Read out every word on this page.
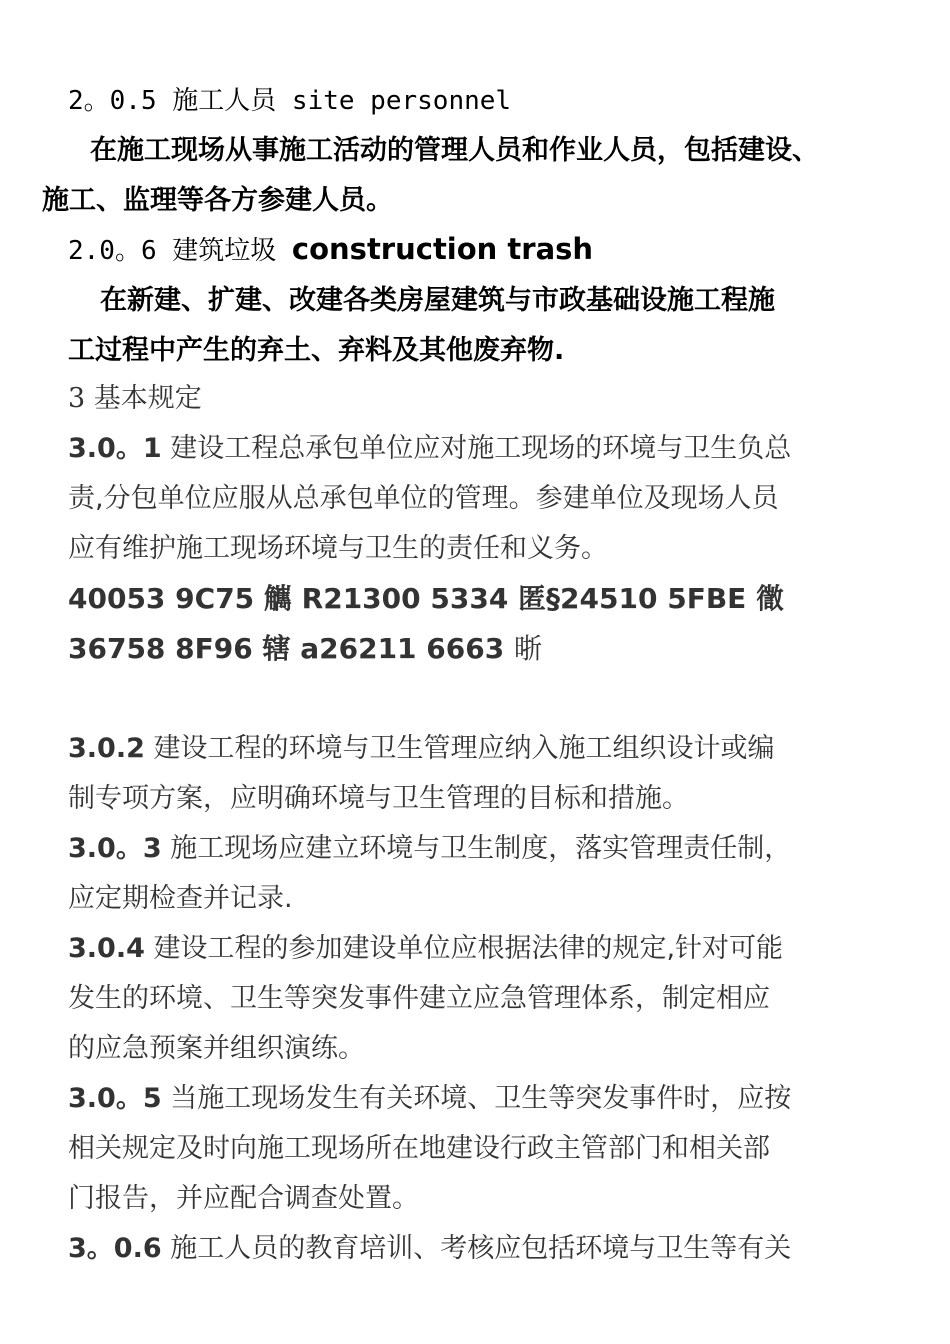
2。0.5 施工人员 site personnel
在施工现场从事施工活动的管理人员和作业人员，包括建设、
施工、监理等各方参建人员。
2.0。6 建筑垃圾 construction trash
在新建、扩建、改建各类房屋建筑与市政基础设施工程施
工过程中产生的弃土、弃料及其他废弃物.
3 基本规定
3.0。1 建设工程总承包单位应对施工现场的环境与卫生负总
责,分包单位应服从总承包单位的管理。参建单位及现场人员
应有维护施工现场环境与卫生的责任和义务。
40053 9C75 觽 R21300 5334 匿§24510 5FBE 徾
36758 8F96 辖 a26211 6663 晣
3.0.2 建设工程的环境与卫生管理应纳入施工组织设计或编
制专项方案，应明确环境与卫生管理的目标和措施。
3.0。3 施工现场应建立环境与卫生制度，落实管理责任制，
应定期检查并记录.
3.0.4 建设工程的参加建设单位应根据法律的规定,针对可能
发生的环境、卫生等突发事件建立应急管理体系，制定相应
的应急预案并组织演练。
3.0。5 当施工现场发生有关环境、卫生等突发事件时，应按
相关规定及时向施工现场所在地建设行政主管部门和相关部
门报告，并应配合调查处置。
3。0.6 施工人员的教育培训、考核应包括环境与卫生等有关
